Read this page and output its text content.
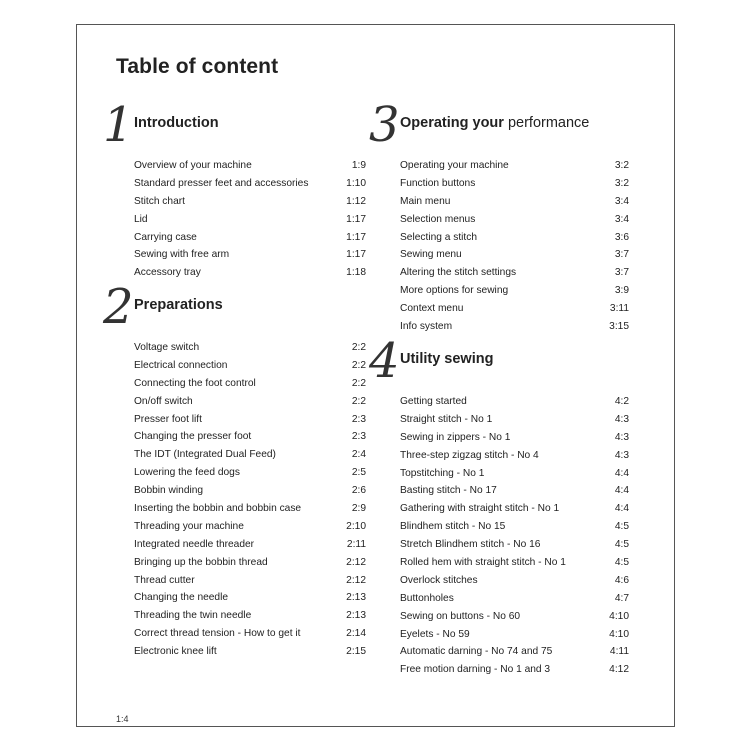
Table of content
1 Introduction
Overview of your machine	1:9
Standard presser feet and accessories	1:10
Stitch chart	1:12
Lid	1:17
Carrying case	1:17
Sewing with free arm	1:17
Accessory tray	1:18
2 Preparations
Voltage switch	2:2
Electrical connection	2:2
Connecting the foot control	2:2
On/off switch	2:2
Presser foot lift	2:3
Changing the presser foot	2:3
The IDT (Integrated Dual Feed)	2:4
Lowering the feed dogs	2:5
Bobbin winding	2:6
Inserting the bobbin and bobbin case	2:9
Threading your machine	2:10
Integrated needle threader	2:11
Bringing up the bobbin thread	2:12
Thread cutter	2:12
Changing the needle	2:13
Threading the twin needle	2:13
Correct thread tension - How to get it	2:14
Electronic knee lift	2:15
3 Operating your performance
Operating your machine	3:2
Function buttons	3:2
Main menu	3:4
Selection menus	3:4
Selecting a stitch	3:6
Sewing menu	3:7
Altering the stitch settings	3:7
More options for sewing	3:9
Context menu	3:11
Info system	3:15
4 Utility sewing
Getting started	4:2
Straight stitch - No 1	4:3
Sewing in zippers - No 1	4:3
Three-step zigzag stitch - No 4	4:3
Topstitching - No 1	4:4
Basting stitch - No 17	4:4
Gathering with straight stitch - No 1	4:4
Blindhem stitch - No 15	4:5
Stretch Blindhem stitch - No 16	4:5
Rolled hem with straight stitch - No 1	4:5
Overlock stitches	4:6
Buttonholes	4:7
Sewing on buttons - No 60	4:10
Eyelets - No 59	4:10
Automatic darning - No 74 and 75	4:11
Free motion darning - No 1 and 3	4:12
1:4
